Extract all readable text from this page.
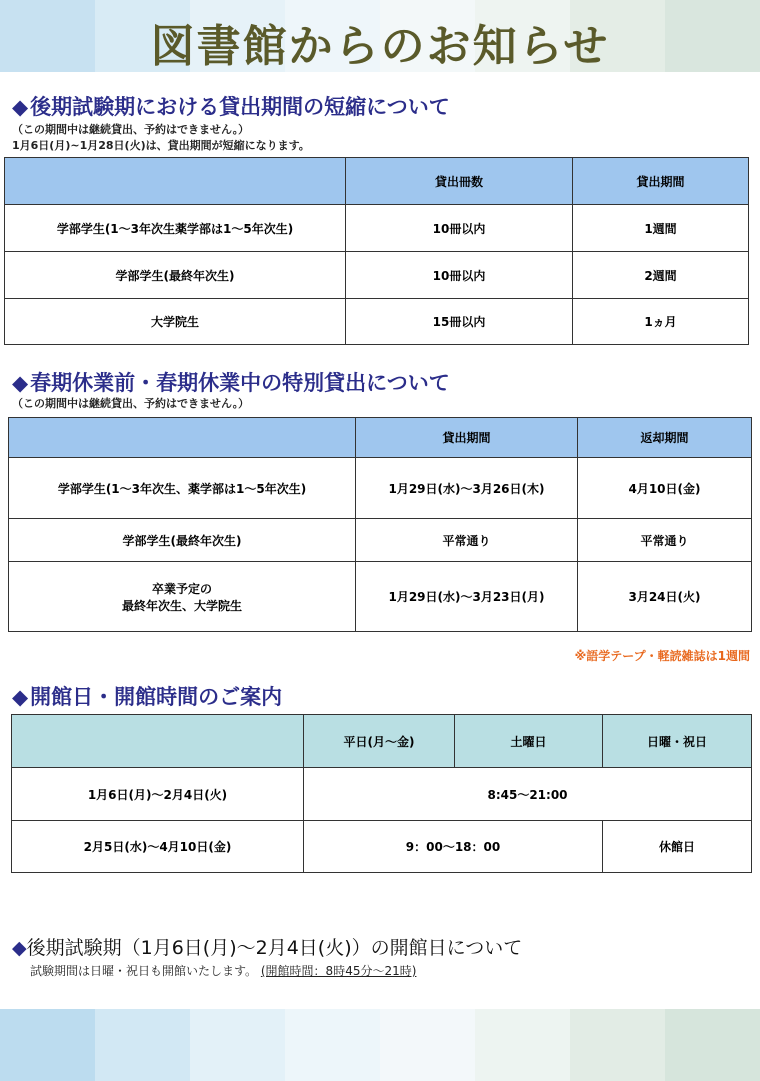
図書館からのお知らせ
◆後期試験期における貸出期間の短縮について
（この期間中は継続貸出、予約はできません。）
1月6日(月)~1月28日(火)は、貸出期間が短縮になります。
	貸出冊数	貸出期間
学部学生(1～3年次生薬学部は1～5年次生)	10冊以内	1週間
学部学生(最終年次生)	10冊以内	2週間
大学院生	15冊以内	1ヵ月
◆春期休業前・春期休業中の特別貸出について
（この期間中は継続貸出、予約はできません。）
	貸出期間	返却期間
学部学生(1～3年次生、薬学部は1～5年次生)	1月29日(水)～3月26日(木)	4月10日(金)
学部学生(最終年次生)	平常通り	平常通り

卒業予定の
最終年次生、大学院生	1月29日(水)～3月23日(月)	3月24日(火)
※語学テープ・軽読雑誌は1週間
◆開館日・開館時間のご案内
	平日(月～金)	土曜日	日曜・祝日
1月6日(月)～2月4日(火)	8:45～21:00		
2月5日(水)～4月10日(金)	9：00～18：00		休館日
◆後期試験期（1月6日(月)～2月4日(火)）の開館日について
試験期間は日曜・祝日も開館いたします。 (開館時間：8時45分～21時)
